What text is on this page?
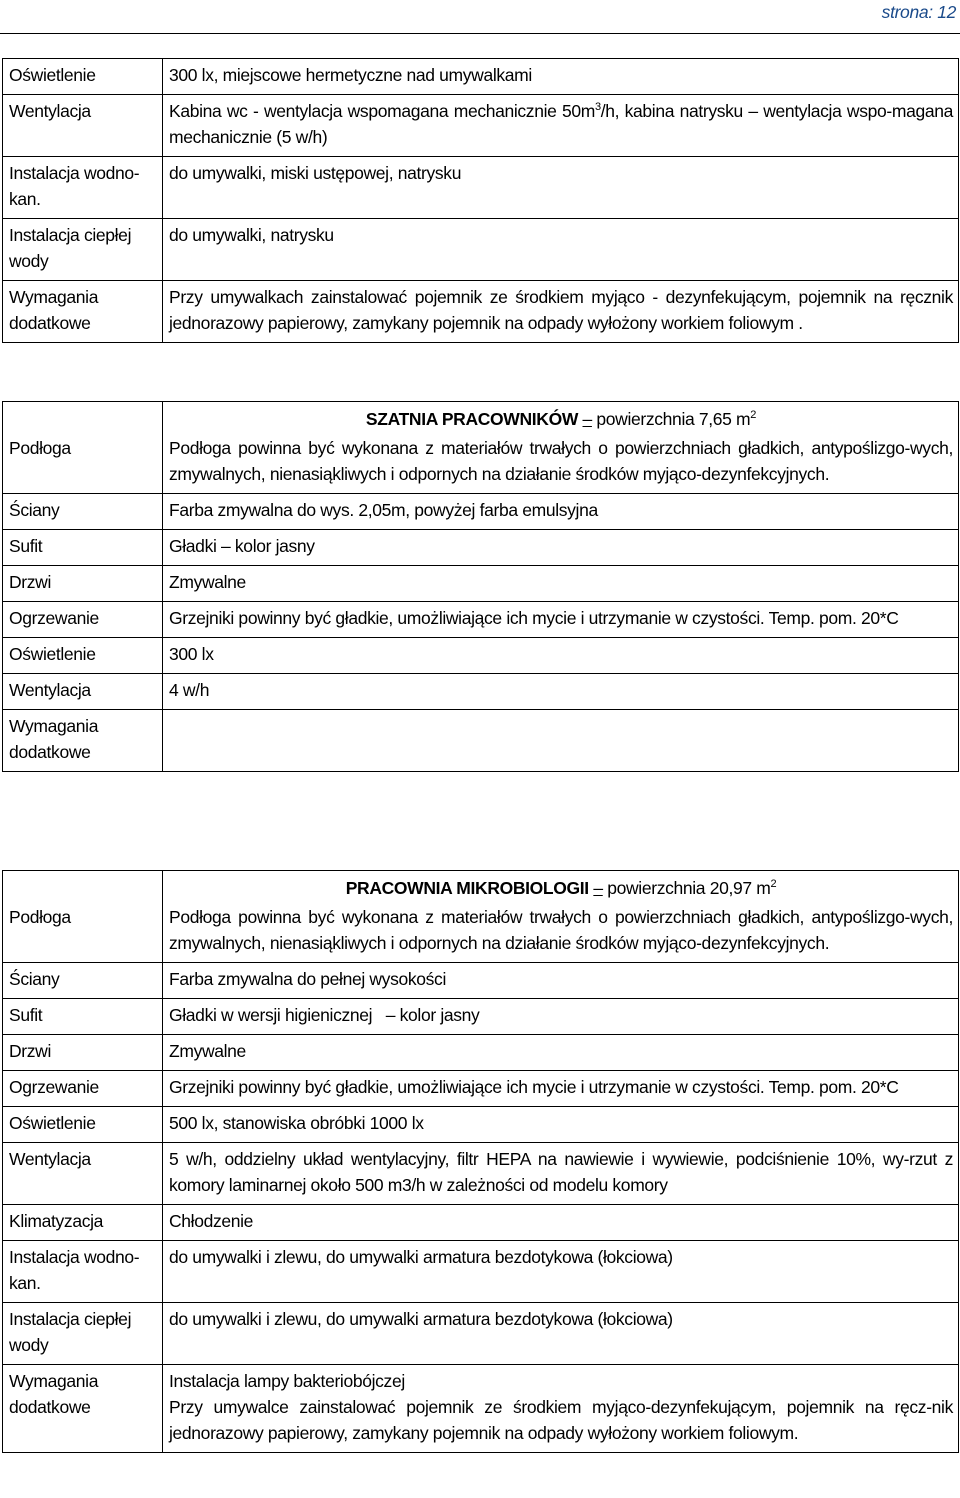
strona: 12
Oświetlenie	300 lx, miejscowe hermetyczne nad umywalkami
Wentylacja	Kabina wc - wentylacja wspomagana mechanicznie $50m^3/h$, kabina natrysku – wentylacja wspo-magana mechanicznie (5 w/h)
Instalacja wodno-kan.	do umywalki, miski ustępowej, natrysku
Instalacja ciepłej wody	do umywalki, natrysku
Wymagania dodatkowe	Przy umywalkach zainstalować pojemnik ze środkiem myjąco - dezynfekującym, pojemnik na ręcznik jednorazowy papierowy, zamykany pojemnik na odpady wyłożony workiem foliowym .
	SZATNIA PRACOWNIKÓW – powierzchnia 7,65 $m^2$
Podłoga	Podłoga powinna być wykonana z materiałów trwałych o powierzchniach gładkich, antypoślizgo-wych, zmywalnych, nienasiąkliwych i odpornych na działanie środków myjąco-dezynfekcyjnych.
Ściany	Farba zmywalna do wys. 2,05m, powyżej farba emulsyjna
Sufit	Gładki – kolor jasny
Drzwi	Zmywalne
Ogrzewanie	Grzejniki powinny być gładkie, umożliwiające ich mycie i utrzymanie w czystości. Temp. pom. 20*C
Oświetlenie	300 lx
Wentylacja	4 w/h
Wymagania dodatkowe	
	PRACOWNIA MIKROBIOLOGII – powierzchnia 20,97 $m^2$
Podłoga	Podłoga powinna być wykonana z materiałów trwałych o powierzchniach gładkich, antypoślizgo-wych, zmywalnych, nienasiąkliwych i odpornych na działanie środków myjąco-dezynfekcyjnych.
Ściany	Farba zmywalna do pełnej wysokości
Sufit	Gładki w wersji higienicznej   – kolor jasny
Drzwi	Zmywalne
Ogrzewanie	Grzejniki powinny być gładkie, umożliwiające ich mycie i utrzymanie w czystości. Temp. pom. 20*C
Oświetlenie	500 lx, stanowiska obróbki 1000 lx
Wentylacja	5 w/h, oddzielny układ wentylacyjny, filtr HEPA na nawiewie i wywiewie, podciśnienie 10%, wy-rzut z komory laminarnej około 500 m3/h w zależności od modelu komory
Klimatyzacja	Chłodzenie
Instalacja wodno-kan.	do umywalki i zlewu, do umywalki armatura bezdotykowa (łokciowa)
Instalacja ciepłej wody	do umywalki i zlewu, do umywalki armatura bezdotykowa (łokciowa)
Wymagania dodatkowe	Instalacja lampy bakteriobójczej
Przy umywalce zainstalować pojemnik ze środkiem myjąco-dezynfekującym, pojemnik na ręcz-nik jednorazowy papierowy, zamykany pojemnik na odpady wyłożony workiem foliowym.
